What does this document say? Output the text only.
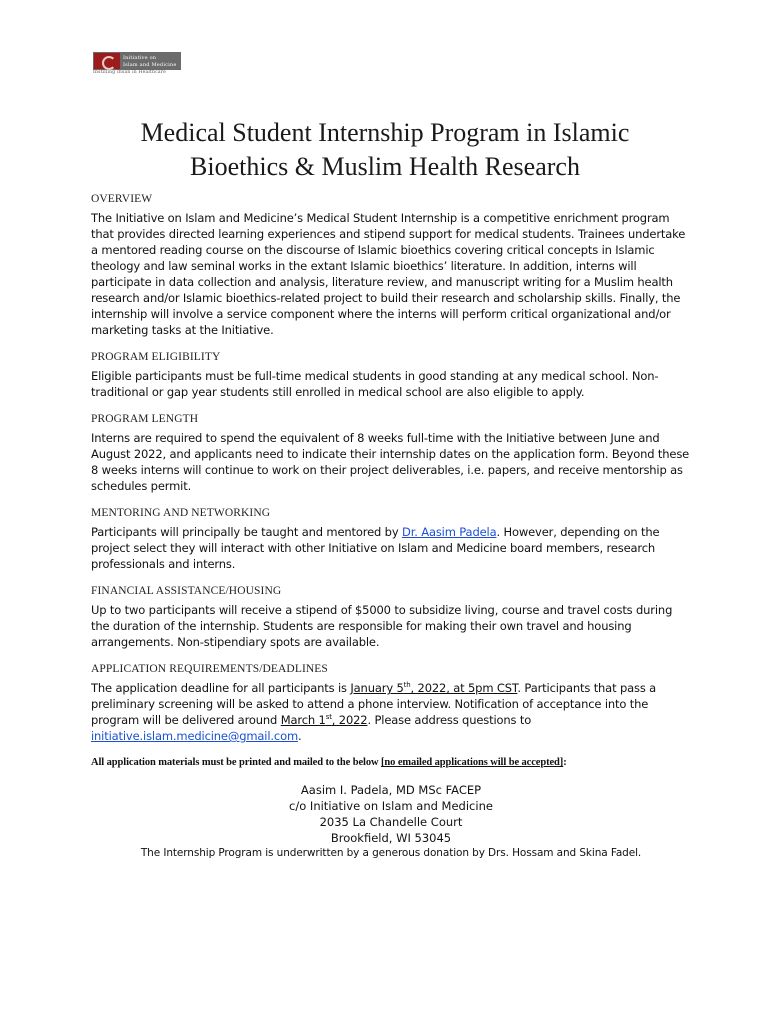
Initiative on
Islam and Medicine
Instilling Ihsan in Healthcare
Medical Student Internship Program in Islamic
Bioethics & Muslim Health Research
OVERVIEW

The Initiative on Islam and Medicine’s Medical Student Internship is a competitive enrichment program that provides directed learning experiences and stipend support for medical students. Trainees undertake a mentored reading course on the discourse of Islamic bioethics covering critical concepts in Islamic theology and law seminal works in the extant Islamic bioethics’ literature. In addition, interns will participate in data collection and analysis, literature review, and manuscript writing for a Muslim health research and/or Islamic bioethics-related project to build their research and scholarship skills. Finally, the internship will involve a service component where the interns will perform critical organizational and/or marketing tasks at the Initiative.

PROGRAM ELIGIBILITY

Eligible participants must be full-time medical students in good standing at any medical school. Non-traditional or gap year students still enrolled in medical school are also eligible to apply.

PROGRAM LENGTH

Interns are required to spend the equivalent of 8 weeks full-time with the Initiative between June and August 2022, and applicants need to indicate their internship dates on the application form. Beyond these 8 weeks interns will continue to work on their project deliverables, i.e. papers, and receive mentorship as schedules permit.

MENTORING AND NETWORKING

Participants will principally be taught and mentored by Dr. Aasim Padela. However, depending on the project select they will interact with other Initiative on Islam and Medicine board members, research professionals and interns.

FINANCIAL ASSISTANCE/HOUSING

Up to two participants will receive a stipend of $5000 to subsidize living, course and travel costs during the duration of the internship. Students are responsible for making their own travel and housing arrangements. Non-stipendiary spots are available.

APPLICATION REQUIREMENTS/DEADLINES

The application deadline for all participants is January 5th, 2022, at 5pm CST. Participants that pass a preliminary screening will be asked to attend a phone interview. Notification of acceptance into the program will be delivered around March 1st, 2022. Please address questions to initiative.islam.medicine@gmail.com.

All application materials must be printed and mailed to the below [no emailed applications will be accepted]:
Aasim I. Padela, MD MSc FACEP
c/o Initiative on Islam and Medicine
2035 La Chandelle Court
Brookfield, WI 53045
The Internship Program is underwritten by a generous donation by Drs. Hossam and Skina Fadel.
